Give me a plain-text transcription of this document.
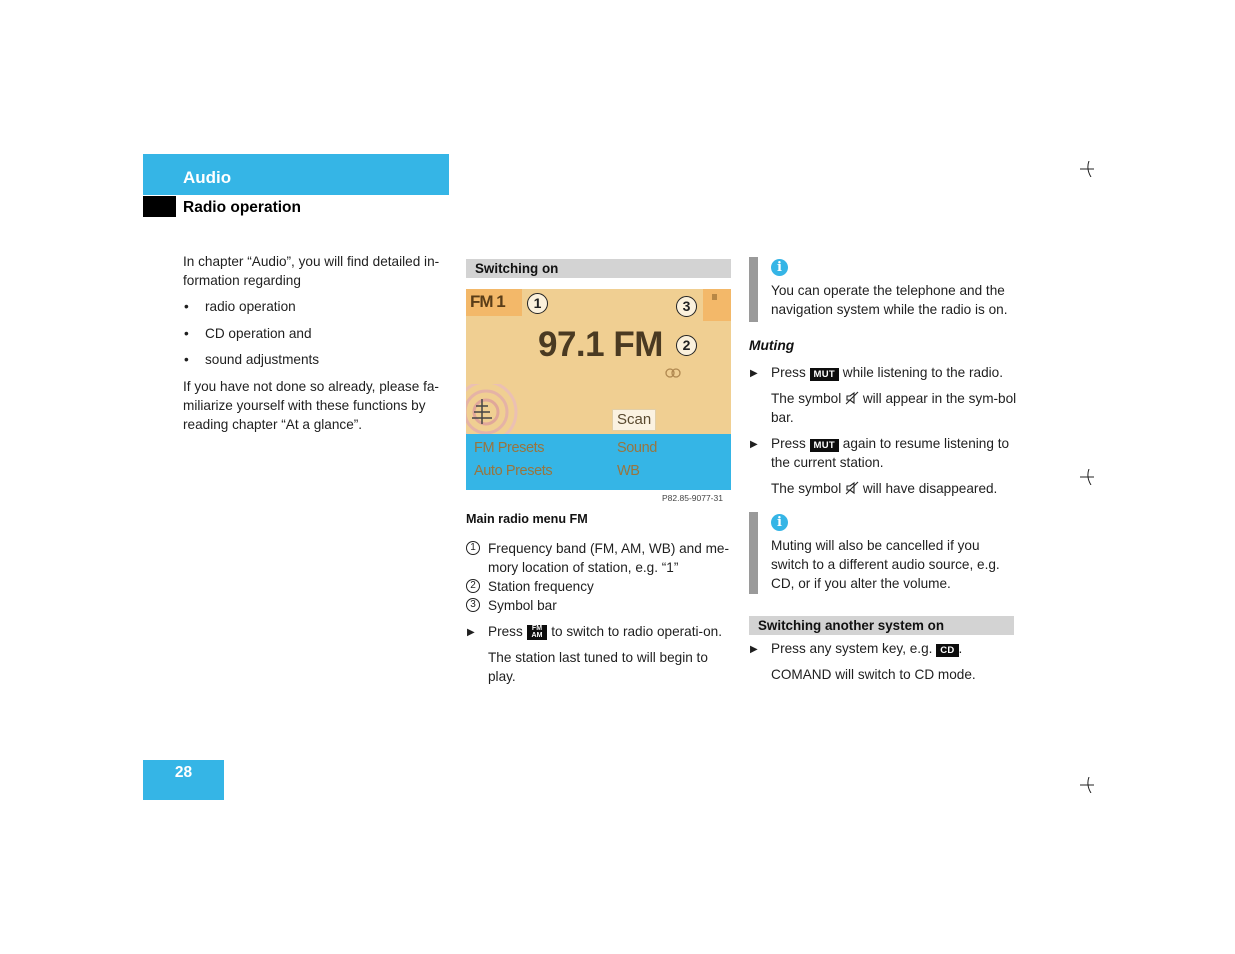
Audio
Radio operation

In chapter “Audio”, you will find detailed in-formation regarding

• radio operation
• CD operation and
• sound adjustments

If you have not done so already, please fa-miliarize yourself with these functions by reading chapter “At a glance”.

Switching on
FM 1
97.1 FM
Scan
FM Presets	Sound
Auto Presets	WB
1
2
3
P82.85-9077-31
Main radio menu FM
1 Frequency band (FM, AM, WB) and me-mory location of station, e.g. “1”
2 Station frequency
3 Symbol bar
▶ Press FM
AM to switch to radio operati-on.
The station last tuned to will begin to play.
i
You can operate the telephone and the navigation system while the radio is on.
Muting
▶ Press MUT while listening to the radio.
The symbol will appear in the sym-bol bar.
▶ Press MUT again to resume listening to the current station.
The symbol will have disappeared.
i
Muting will also be cancelled if you switch to a different audio source, e.g. CD, or if you alter the volume.
Switching another system on
▶ Press any system key, e.g. CD .
COMAND will switch to CD mode.
28
